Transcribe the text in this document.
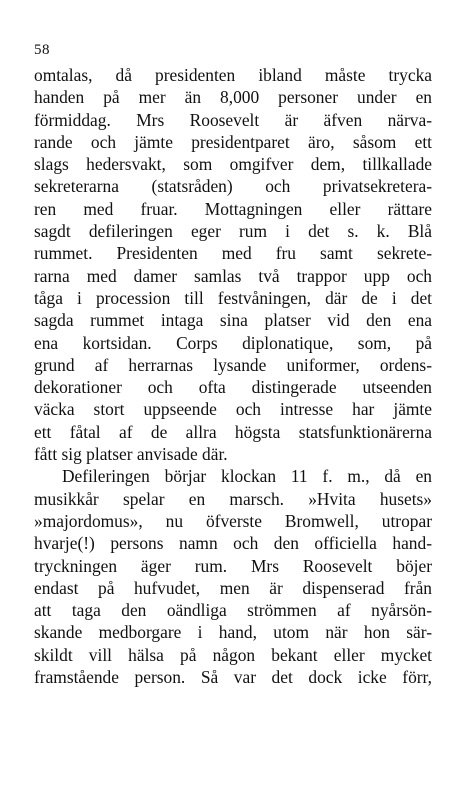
58
omtalas, då presidenten ibland måste trycka
handen på mer än 8,000 personer under en
förmiddag. Mrs Roosevelt är äfven närva-
rande och jämte presidentparet äro, såsom ett
slags hedersvakt, som omgifver dem, tillkallade
sekreterarna (statsråden) och privatsekretera-
ren med fruar. Mottagningen eller rättare
sagdt defileringen eger rum i det s. k. Blå
rummet. Presidenten med fru samt sekrete-
rarna med damer samlas två trappor upp och
tåga i procession till festvåningen, där de i det
sagda rummet intaga sina platser vid den ena
ena kortsidan. Corps diplonatique, som, på
grund af herrarnas lysande uniformer, ordens-
dekorationer och ofta distingerade utseenden
väcka stort uppseende och intresse har jämte
ett fåtal af de allra högsta statsfunktionärerna
fått sig platser anvisade där.
Defileringen börjar klockan 11 f. m., då en
musikkår spelar en marsch. »Hvita husets»
»majordomus», nu öfverste Bromwell, utropar
hvarje(!) persons namn och den officiella hand-
tryckningen äger rum. Mrs Roosevelt böjer
endast på hufvudet, men är dispenserad från
att taga den oändliga strömmen af nyårsön-
skande medborgare i hand, utom när hon sär-
skildt vill hälsa på någon bekant eller mycket
framstående person. Så var det dock icke förr,
